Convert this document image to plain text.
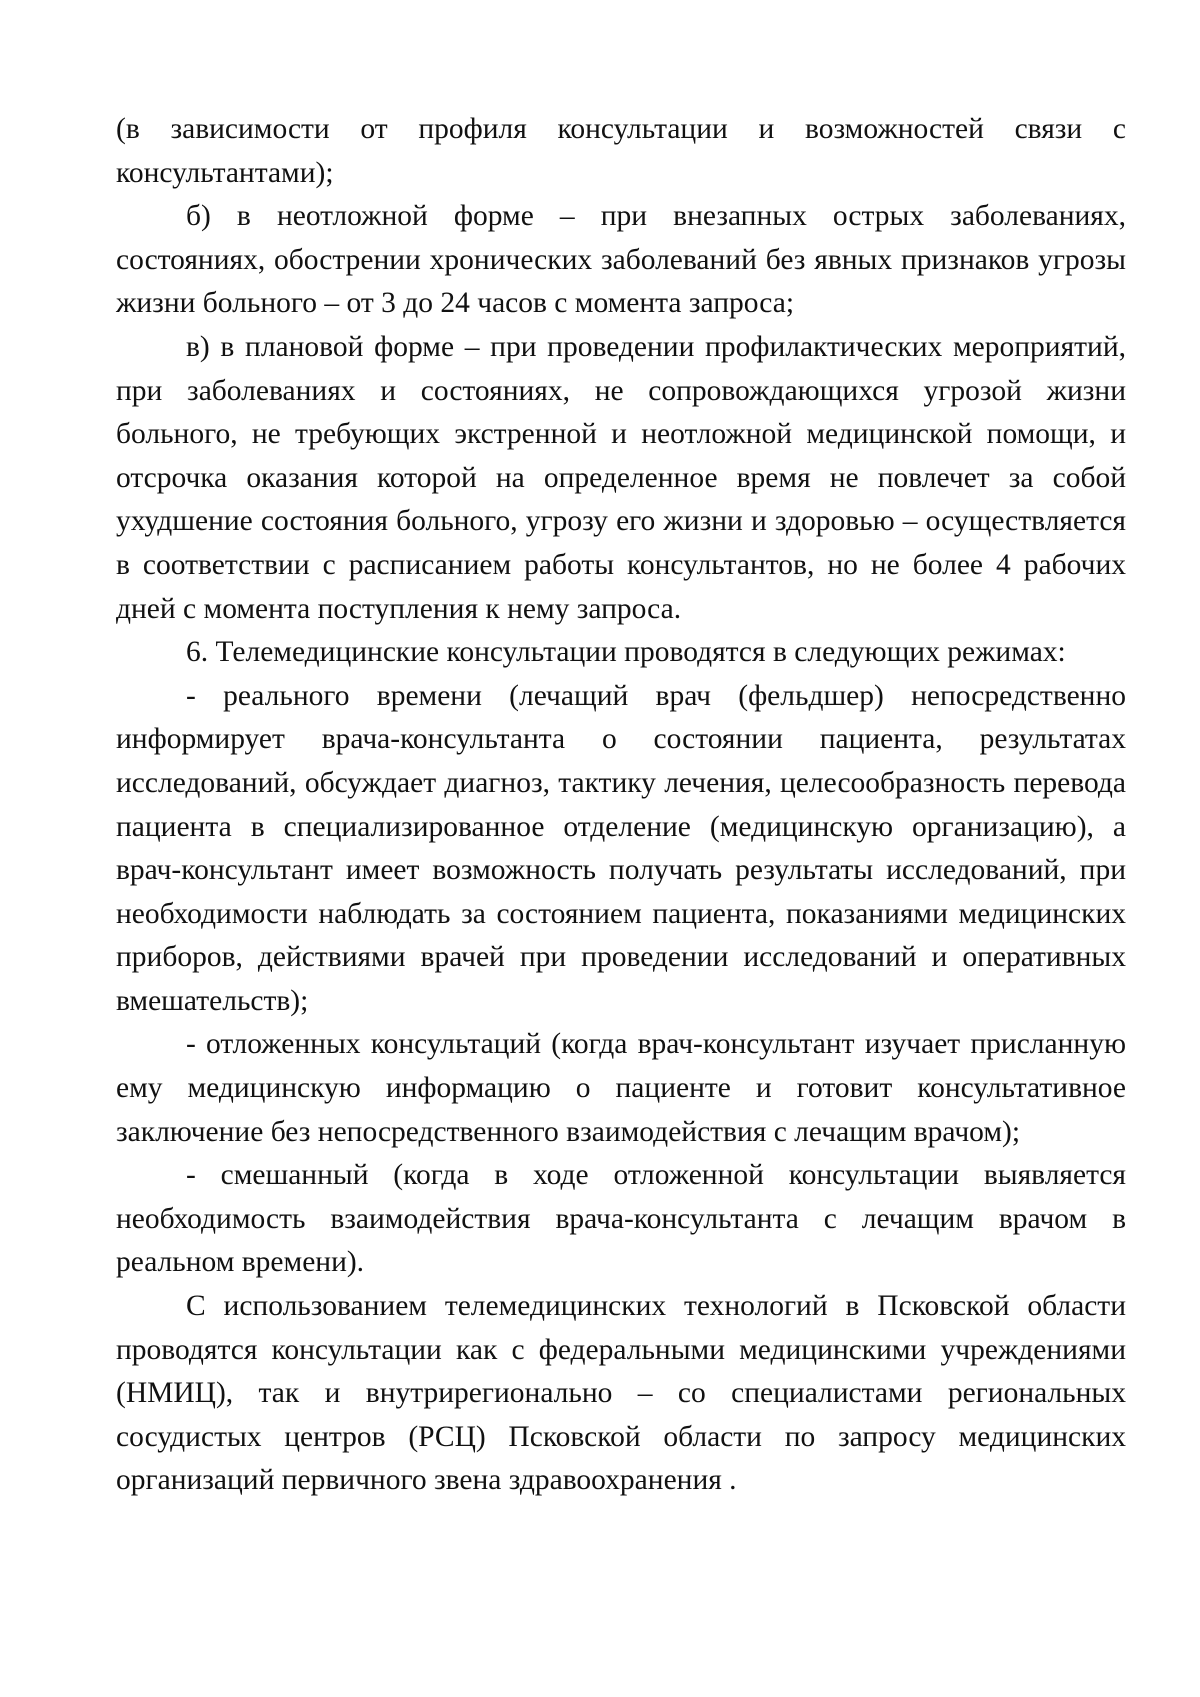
(в зависимости от профиля консультации и возможностей связи с консультантами);

б) в неотложной форме – при внезапных острых заболеваниях, состояниях, обострении хронических заболеваний без явных признаков угрозы жизни больного – от 3 до 24 часов с момента запроса;

в) в плановой форме – при проведении профилактических мероприятий, при заболеваниях и состояниях, не сопровождающихся угрозой жизни больного, не требующих экстренной и неотложной медицинской помощи, и отсрочка оказания которой на определенное время не повлечет за собой ухудшение состояния больного, угрозу его жизни и здоровью – осуществляется в соответствии с расписанием работы консультантов, но не более 4 рабочих дней с момента поступления к нему запроса.

6. Телемедицинские консультации проводятся в следующих режимах:

- реального времени (лечащий врач (фельдшер) непосредственно информирует врача-консультанта о состоянии пациента, результатах исследований, обсуждает диагноз, тактику лечения, целесообразность перевода пациента в специализированное отделение (медицинскую организацию), а врач-консультант имеет возможность получать результаты исследований, при необходимости наблюдать за состоянием пациента, показаниями медицинских приборов, действиями врачей при проведении исследований и оперативных вмешательств);

- отложенных консультаций (когда врач-консультант изучает присланную ему медицинскую информацию о пациенте и готовит консультативное заключение без непосредственного взаимодействия с лечащим врачом);

- смешанный (когда в ходе отложенной консультации выявляется необходимость взаимодействия врача-консультанта с лечащим врачом в реальном времени).

С использованием телемедицинских технологий в Псковской области проводятся консультации как с федеральными медицинскими учреждениями (НМИЦ), так и внутрирегионально – со специалистами региональных сосудистых центров (РСЦ) Псковской области по запросу медицинских организаций первичного звена здравоохранения .
